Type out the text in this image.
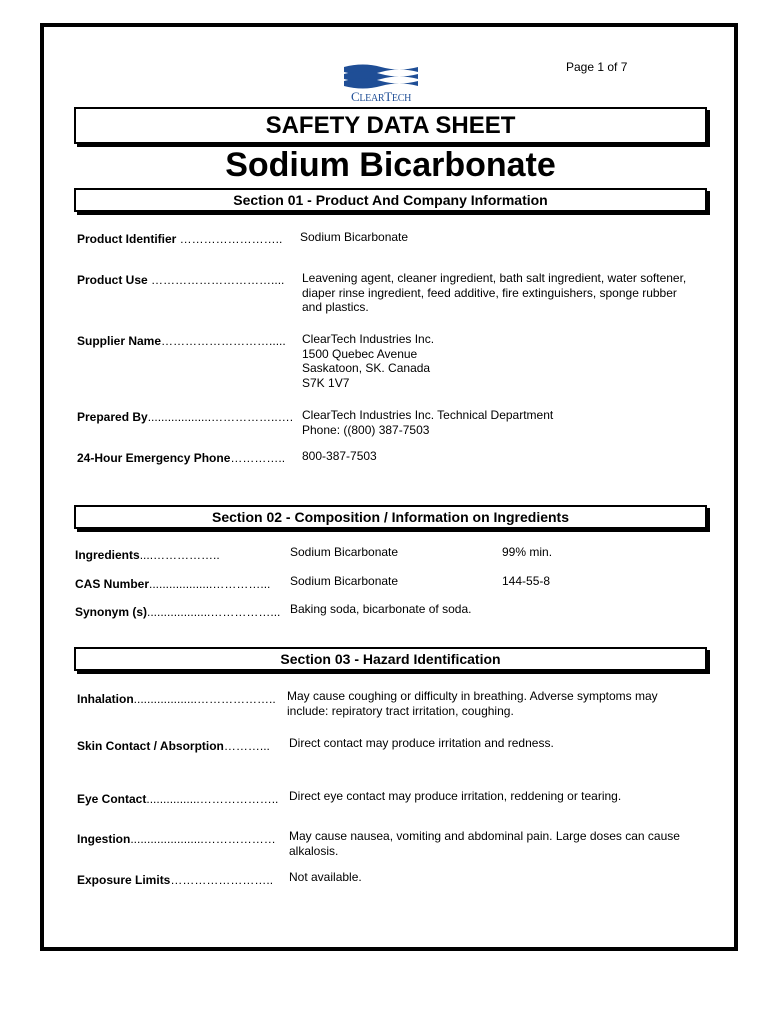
Page 1 of 7
CLEARTECH
SAFETY DATA SHEET
Sodium Bicarbonate
Section 01 - Product And Company Information
Product Identifier …………………….. Sodium Bicarbonate
Product Use ………………………….... Leavening agent, cleaner ingredient, bath salt ingredient, water softener,
diaper rinse ingredient, feed additive, fire extinguishers, sponge rubber
and plastics.
Supplier Name………………………..... ClearTech Industries Inc.
1500 Quebec Avenue
Saskatoon, SK. Canada
S7K 1V7
Prepared By...................……………..…. ClearTech Industries Inc. Technical Department
Phone: ((800) 387-7503
24-Hour Emergency Phone………….. 800-387-7503
Section 02 - Composition / Information on Ingredients
Ingredients....……………..	Sodium Bicarbonate	99% min.
CAS Number...................…………... Sodium Bicarbonate	144-55-8
Synonym (s)...................……………... Baking soda, bicarbonate of soda.
Section 03 - Hazard Identification
Inhalation...................……………….. May cause coughing or difficulty in breathing. Adverse symptoms may
include: repiratory tract irritation, coughing.
Skin Contact / Absorption………... Direct contact may produce irritation and redness.
Eye Contact................……………….. Direct eye contact may produce irritation, reddening or tearing.
Ingestion......................……………… May cause nausea, vomiting and abdominal pain. Large doses can cause
alkalosis.
Exposure Limits…………………….. Not available.
